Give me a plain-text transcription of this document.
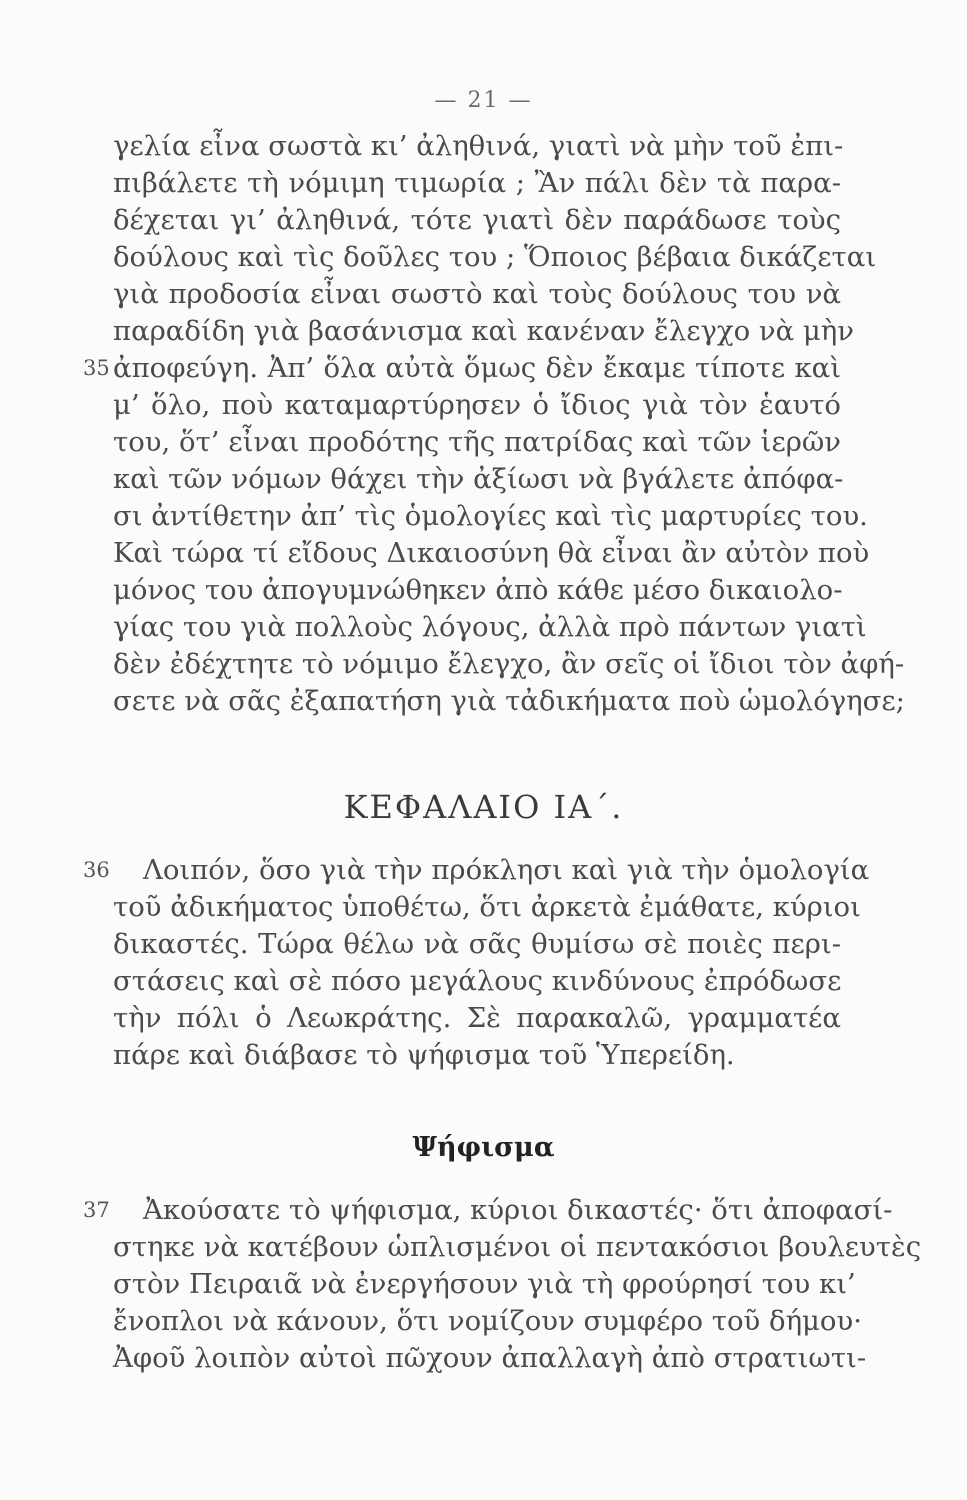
— 21 —
γελία εἶνα σωστὰ κι’ ἀληθινά, γιατὶ νὰ μὴν τοῦ ἐπι-
πιβάλετε τὴ νόμιμη τιμωρία ; Ἂν πάλι δὲν τὰ παρα-
δέχεται γι’ ἀληθινά, τότε γιατὶ δὲν παράδωσε τοὺς
δούλους καὶ τὶς δοῦλες του ; Ὅποιος βέβαια δικάζεται
γιὰ προδοσία εἶναι σωστὸ καὶ τοὺς δούλους του νὰ
παραδίδη γιὰ βασάνισμα καὶ κανέναν ἔλεγχο νὰ μὴν
35 ἀποφεύγη. Ἀπ’ ὅλα αὐτὰ ὅμως δὲν ἔκαμε τίποτε καὶ
μ’ ὅλο, ποὺ καταμαρτύρησεν ὁ ἴδιος γιὰ τὸν ἑαυτό
του, ὅτ’ εἶναι προδότης τῆς πατρίδας καὶ τῶν ἱερῶν
καὶ τῶν νόμων θάχει τὴν ἀξίωσι νὰ βγάλετε ἀπόφα-
σι ἀντίθετην ἀπ’ τὶς ὁμολογίες καὶ τὶς μαρτυρίες του.
Καὶ τώρα τί εἴδους Δικαιοσύνη θὰ εἶναι ἂν αὐτὸν ποὺ
μόνος του ἀπογυμνώθηκεν ἀπὸ κάθε μέσο δικαιολο-
γίας του γιὰ πολλοὺς λόγους, ἀλλὰ πρὸ πάντων γιατὶ
δὲν ἐδέχτητε τὸ νόμιμο ἔλεγχο, ἂν σεῖς οἱ ἴδιοι τὸν ἀφή-
σετε νὰ σᾶς ἐξαπατήση γιὰ τἀδικήματα ποὺ ὡμολόγησε;
ΚΕΦΑΛΑΙΟ ΙΑ΄.
36 Λοιπόν, ὅσο γιὰ τὴν πρόκλησι καὶ γιὰ τὴν ὁμολογία
τοῦ ἀδικήματος ὑποθέτω, ὅτι ἀρκετὰ ἐμάθατε, κύριοι
δικαστές. Τώρα θέλω νὰ σᾶς θυμίσω σὲ ποιὲς περι-
στάσεις καὶ σὲ πόσο μεγάλους κινδύνους ἐπρόδωσε
τὴν πόλι ὁ Λεωκράτης. Σὲ παρακαλῶ, γραμματέα
πάρε καὶ διάβασε τὸ ψήφισμα τοῦ Ὑπερείδη.
Ψήφισμα
37 Ἀκούσατε τὸ ψήφισμα, κύριοι δικαστές· ὅτι ἀποφασί-
στηκε νὰ κατέβουν ὡπλισμένοι οἱ πεντακόσιοι βουλευτὲς
στὸν Πειραιᾶ νὰ ἐνεργήσουν γιὰ τὴ φρούρησί του κι’
ἔνοπλοι νὰ κάνουν, ὅτι νομίζουν συμφέρο τοῦ δήμου·
Ἀφοῦ λοιπὸν αὐτοὶ πῶχουν ἀπαλλαγὴ ἀπὸ στρατιωτι-
